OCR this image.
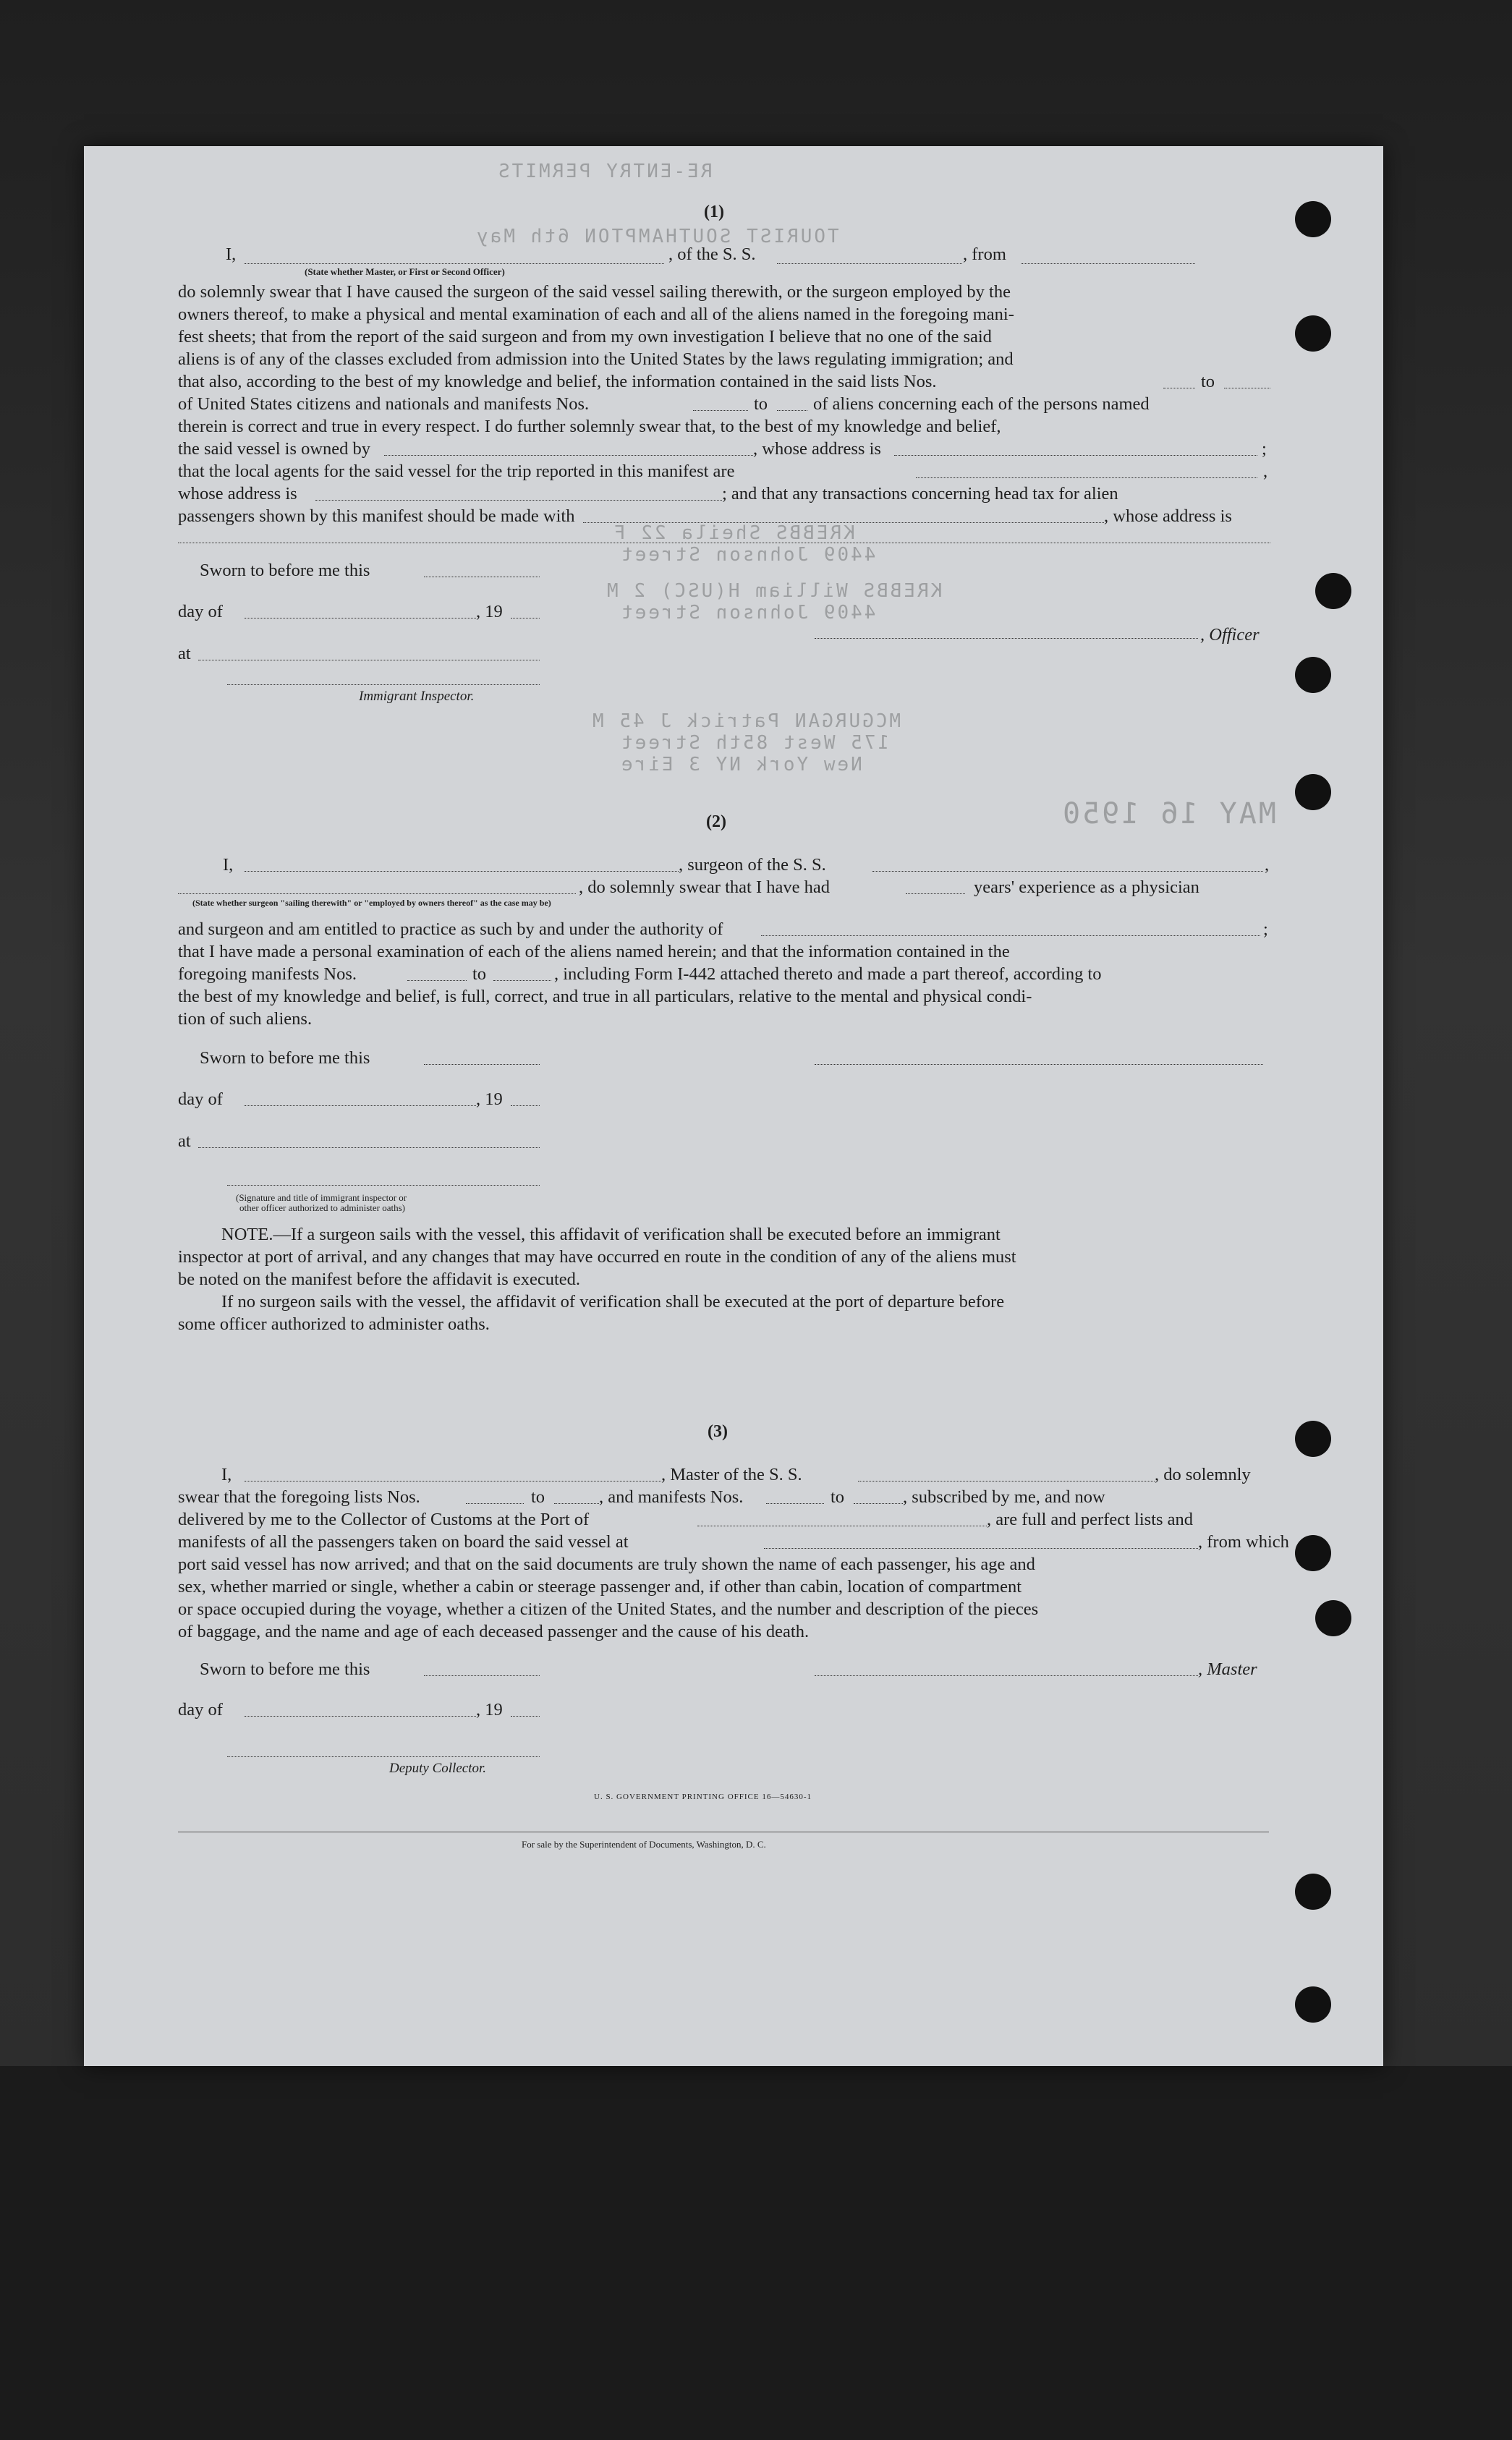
RE-ENTRY PERMITS
TOURIST SOUTHAMPTON 6th May
KREBBS Sheila 22 F
4409 Johnson Street
KREBBS William H(USC) 2 M
4409 Johnson Street
MCGURGAN Patrick J 45 M
175 West 85th Street
New York NY 3 Eire
MAY 16 1950
(1)
I,	, of the S. S.	, from
(State whether Master, or First or Second Officer)
do solemnly swear that I have caused the surgeon of the said vessel sailing therewith, or the surgeon employed by the
owners thereof, to make a physical and mental examination of each and all of the aliens named in the foregoing mani-
fest sheets; that from the report of the said surgeon and from my own investigation I believe that no one of the said
aliens is of any of the classes excluded from admission into the United States by the laws regulating immigration; and
that also, according to the best of my knowledge and belief, the information contained in the said lists Nos.	to
of United States citizens and nationals and manifests Nos.	to	of aliens concerning each of the persons named
therein is correct and true in every respect. I do further solemnly swear that, to the best of my knowledge and belief,
the said vessel is owned by	, whose address is	;
that the local agents for the said vessel for the trip reported in this manifest are	,
whose address is	; and that any transactions concerning head tax for alien
passengers shown by this manifest should be made with	, whose address is
Sworn to before me this
day of	, 19
, Officer
at
Immigrant Inspector.
(2)
I,	, surgeon of the S. S.	,
, do solemnly swear that I have had	years' experience as a physician
(State whether surgeon "sailing therewith" or "employed by owners thereof" as the case may be)
and surgeon and am entitled to practice as such by and under the authority of	;
that I have made a personal examination of each of the aliens named herein; and that the information contained in the
foregoing manifests Nos.	to	, including Form I-442 attached thereto and made a part thereof, according to
the best of my knowledge and belief, is full, correct, and true in all particulars, relative to the mental and physical condi-
tion of such aliens.
Sworn to before me this
day of	, 19
at
(Signature and title of immigrant inspector or
other officer authorized to administer oaths)
NOTE.—If a surgeon sails with the vessel, this affidavit of verification shall be executed before an immigrant
inspector at port of arrival, and any changes that may have occurred en route in the condition of any of the aliens must
be noted on the manifest before the affidavit is executed.
If no surgeon sails with the vessel, the affidavit of verification shall be executed at the port of departure before
some officer authorized to administer oaths.
(3)
I,	, Master of the S. S.	, do solemnly
swear that the foregoing lists Nos.	to	, and manifests Nos.	to	, subscribed by me, and now
delivered by me to the Collector of Customs at the Port of	, are full and perfect lists and
manifests of all the passengers taken on board the said vessel at	, from which
port said vessel has now arrived; and that on the said documents are truly shown the name of each passenger, his age and
sex, whether married or single, whether a cabin or steerage passenger and, if other than cabin, location of compartment
or space occupied during the voyage, whether a citizen of the United States, and the number and description of the pieces
of baggage, and the name and age of each deceased passenger and the cause of his death.
Sworn to before me this	, Master
day of	, 19
Deputy Collector.
U. S. GOVERNMENT PRINTING OFFICE 16—54630-1
For sale by the Superintendent of Documents, Washington, D. C.
